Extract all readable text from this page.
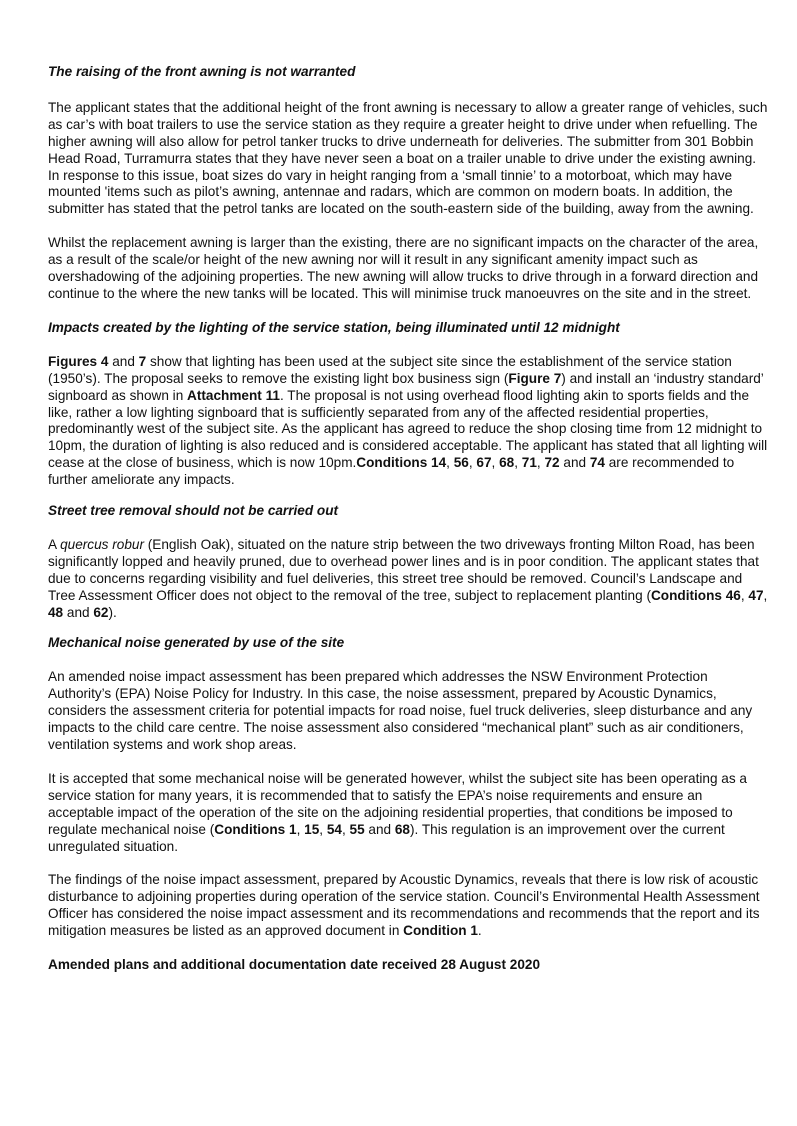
The raising of the front awning is not warranted

The applicant states that the additional height of the front awning is necessary to allow a greater range of vehicles, such as car’s with boat trailers to use the service station as they require a greater height to drive under when refuelling. The higher awning will also allow for petrol tanker trucks to drive underneath for deliveries. The submitter from 301 Bobbin Head Road, Turramurra states that they have never seen a boat on a trailer unable to drive under the existing awning. In response to this issue, boat sizes do vary in height ranging from a ‘small tinnie’ to a motorboat, which may have mounted 'items such as pilot’s awning, antennae and radars, which are common on modern boats. In addition, the submitter has stated that the petrol tanks are located on the south-eastern side of the building, away from the awning.

Whilst the replacement awning is larger than the existing, there are no significant impacts on the character of the area, as a result of the scale/or height of the new awning nor will it result in any significant amenity impact such as overshadowing of the adjoining properties. The new awning will allow trucks to drive through in a forward direction and continue to the where the new tanks will be located. This will minimise truck manoeuvres on the site and in the street.

Impacts created by the lighting of the service station, being illuminated until 12 midnight

Figures 4 and 7 show that lighting has been used at the subject site since the establishment of the service station (1950’s). The proposal seeks to remove the existing light box business sign (Figure 7) and install an ‘industry standard’ signboard as shown in Attachment 11. The proposal is not using overhead flood lighting akin to sports fields and the like, rather a low lighting signboard that is sufficiently separated from any of the affected residential properties, predominantly west of the subject site. As the applicant has agreed to reduce the shop closing time from 12 midnight to 10pm, the duration of lighting is also reduced and is considered acceptable. The applicant has stated that all lighting will cease at the close of business, which is now 10pm.Conditions 14, 56, 67, 68, 71, 72 and 74 are recommended to further ameliorate any impacts.

Street tree removal should not be carried out

A quercus robur (English Oak), situated on the nature strip between the two driveways fronting Milton Road, has been significantly lopped and heavily pruned, due to overhead power lines and is in poor condition. The applicant states that due to concerns regarding visibility and fuel deliveries, this street tree should be removed. Council’s Landscape and Tree Assessment Officer does not object to the removal of the tree, subject to replacement planting (Conditions 46, 47, 48 and 62).

Mechanical noise generated by use of the site

An amended noise impact assessment has been prepared which addresses the NSW Environment Protection Authority’s (EPA) Noise Policy for Industry. In this case, the noise assessment, prepared by Acoustic Dynamics, considers the assessment criteria for potential impacts for road noise, fuel truck deliveries, sleep disturbance and any impacts to the child care centre. The noise assessment also considered “mechanical plant” such as air conditioners, ventilation systems and work shop areas.

It is accepted that some mechanical noise will be generated however, whilst the subject site has been operating as a service station for many years, it is recommended that to satisfy the EPA’s noise requirements and ensure an acceptable impact of the operation of the site on the adjoining residential properties, that conditions be imposed to regulate mechanical noise (Conditions 1, 15, 54, 55 and 68). This regulation is an improvement over the current unregulated situation.

The findings of the noise impact assessment, prepared by Acoustic Dynamics, reveals that there is low risk of acoustic disturbance to adjoining properties during operation of the service station. Council’s Environmental Health Assessment Officer has considered the noise impact assessment and its recommendations and recommends that the report and its mitigation measures be listed as an approved document in Condition 1.

Amended plans and additional documentation date received 28 August 2020
